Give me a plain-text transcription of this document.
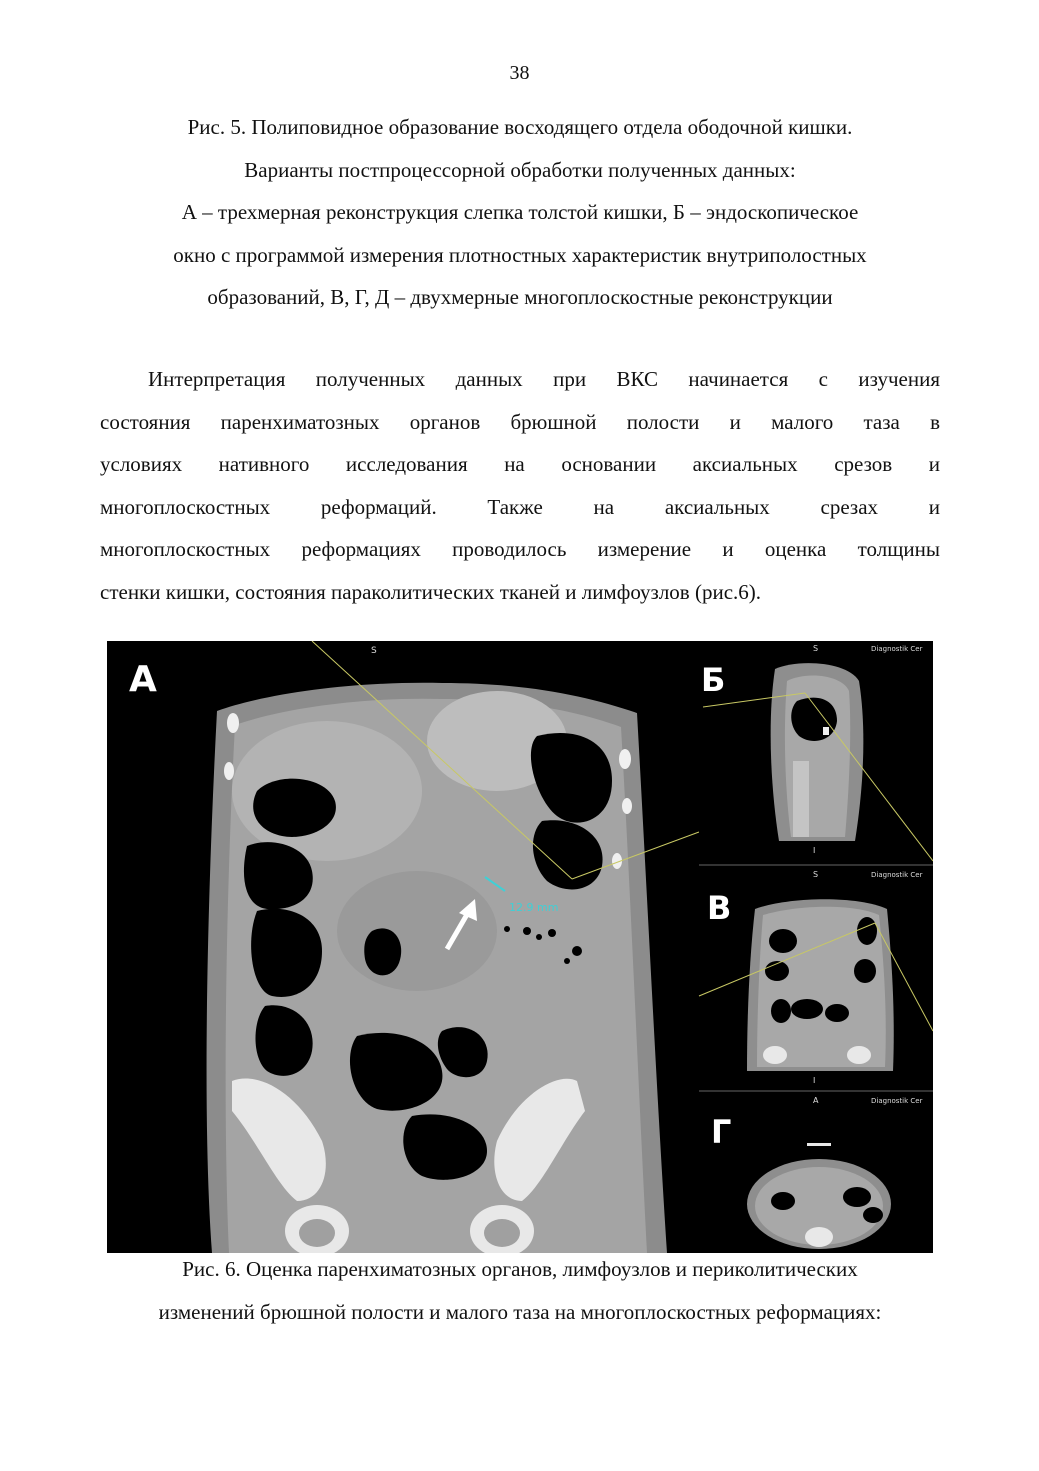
38
Рис. 5. Полиповидное образование восходящего отдела ободочной кишки.
Варианты постпроцессорной обработки полученных данных:
А – трехмерная реконструкция слепка толстой кишки, Б – эндоскопическое
окно с программой измерения плотностных характеристик внутриполостных
образований, В, Г, Д – двухмерные многоплоскостные реконструкции
Интерпретация полученных данных при ВКС начинается с изучения
состояния паренхиматозных органов брюшной полости и малого таза в
условиях нативного исследования на основании аксиальных срезов и
многоплоскостных реформаций. Также на аксиальных срезах и
многоплоскостных реформациях проводилось измерение и оценка толщины
стенки кишки, состояния параколитических тканей и лимфоузлов (рис.6).
12.9 mm
А
S
Б
S	Diagnostik Cer
I
В
S	Diagnostik Cer
I
Г
A	Diagnostik Cer
Рис. 6. Оценка паренхиматозных органов, лимфоузлов и периколитических
изменений брюшной полости и малого таза на многоплоскостных реформациях:
